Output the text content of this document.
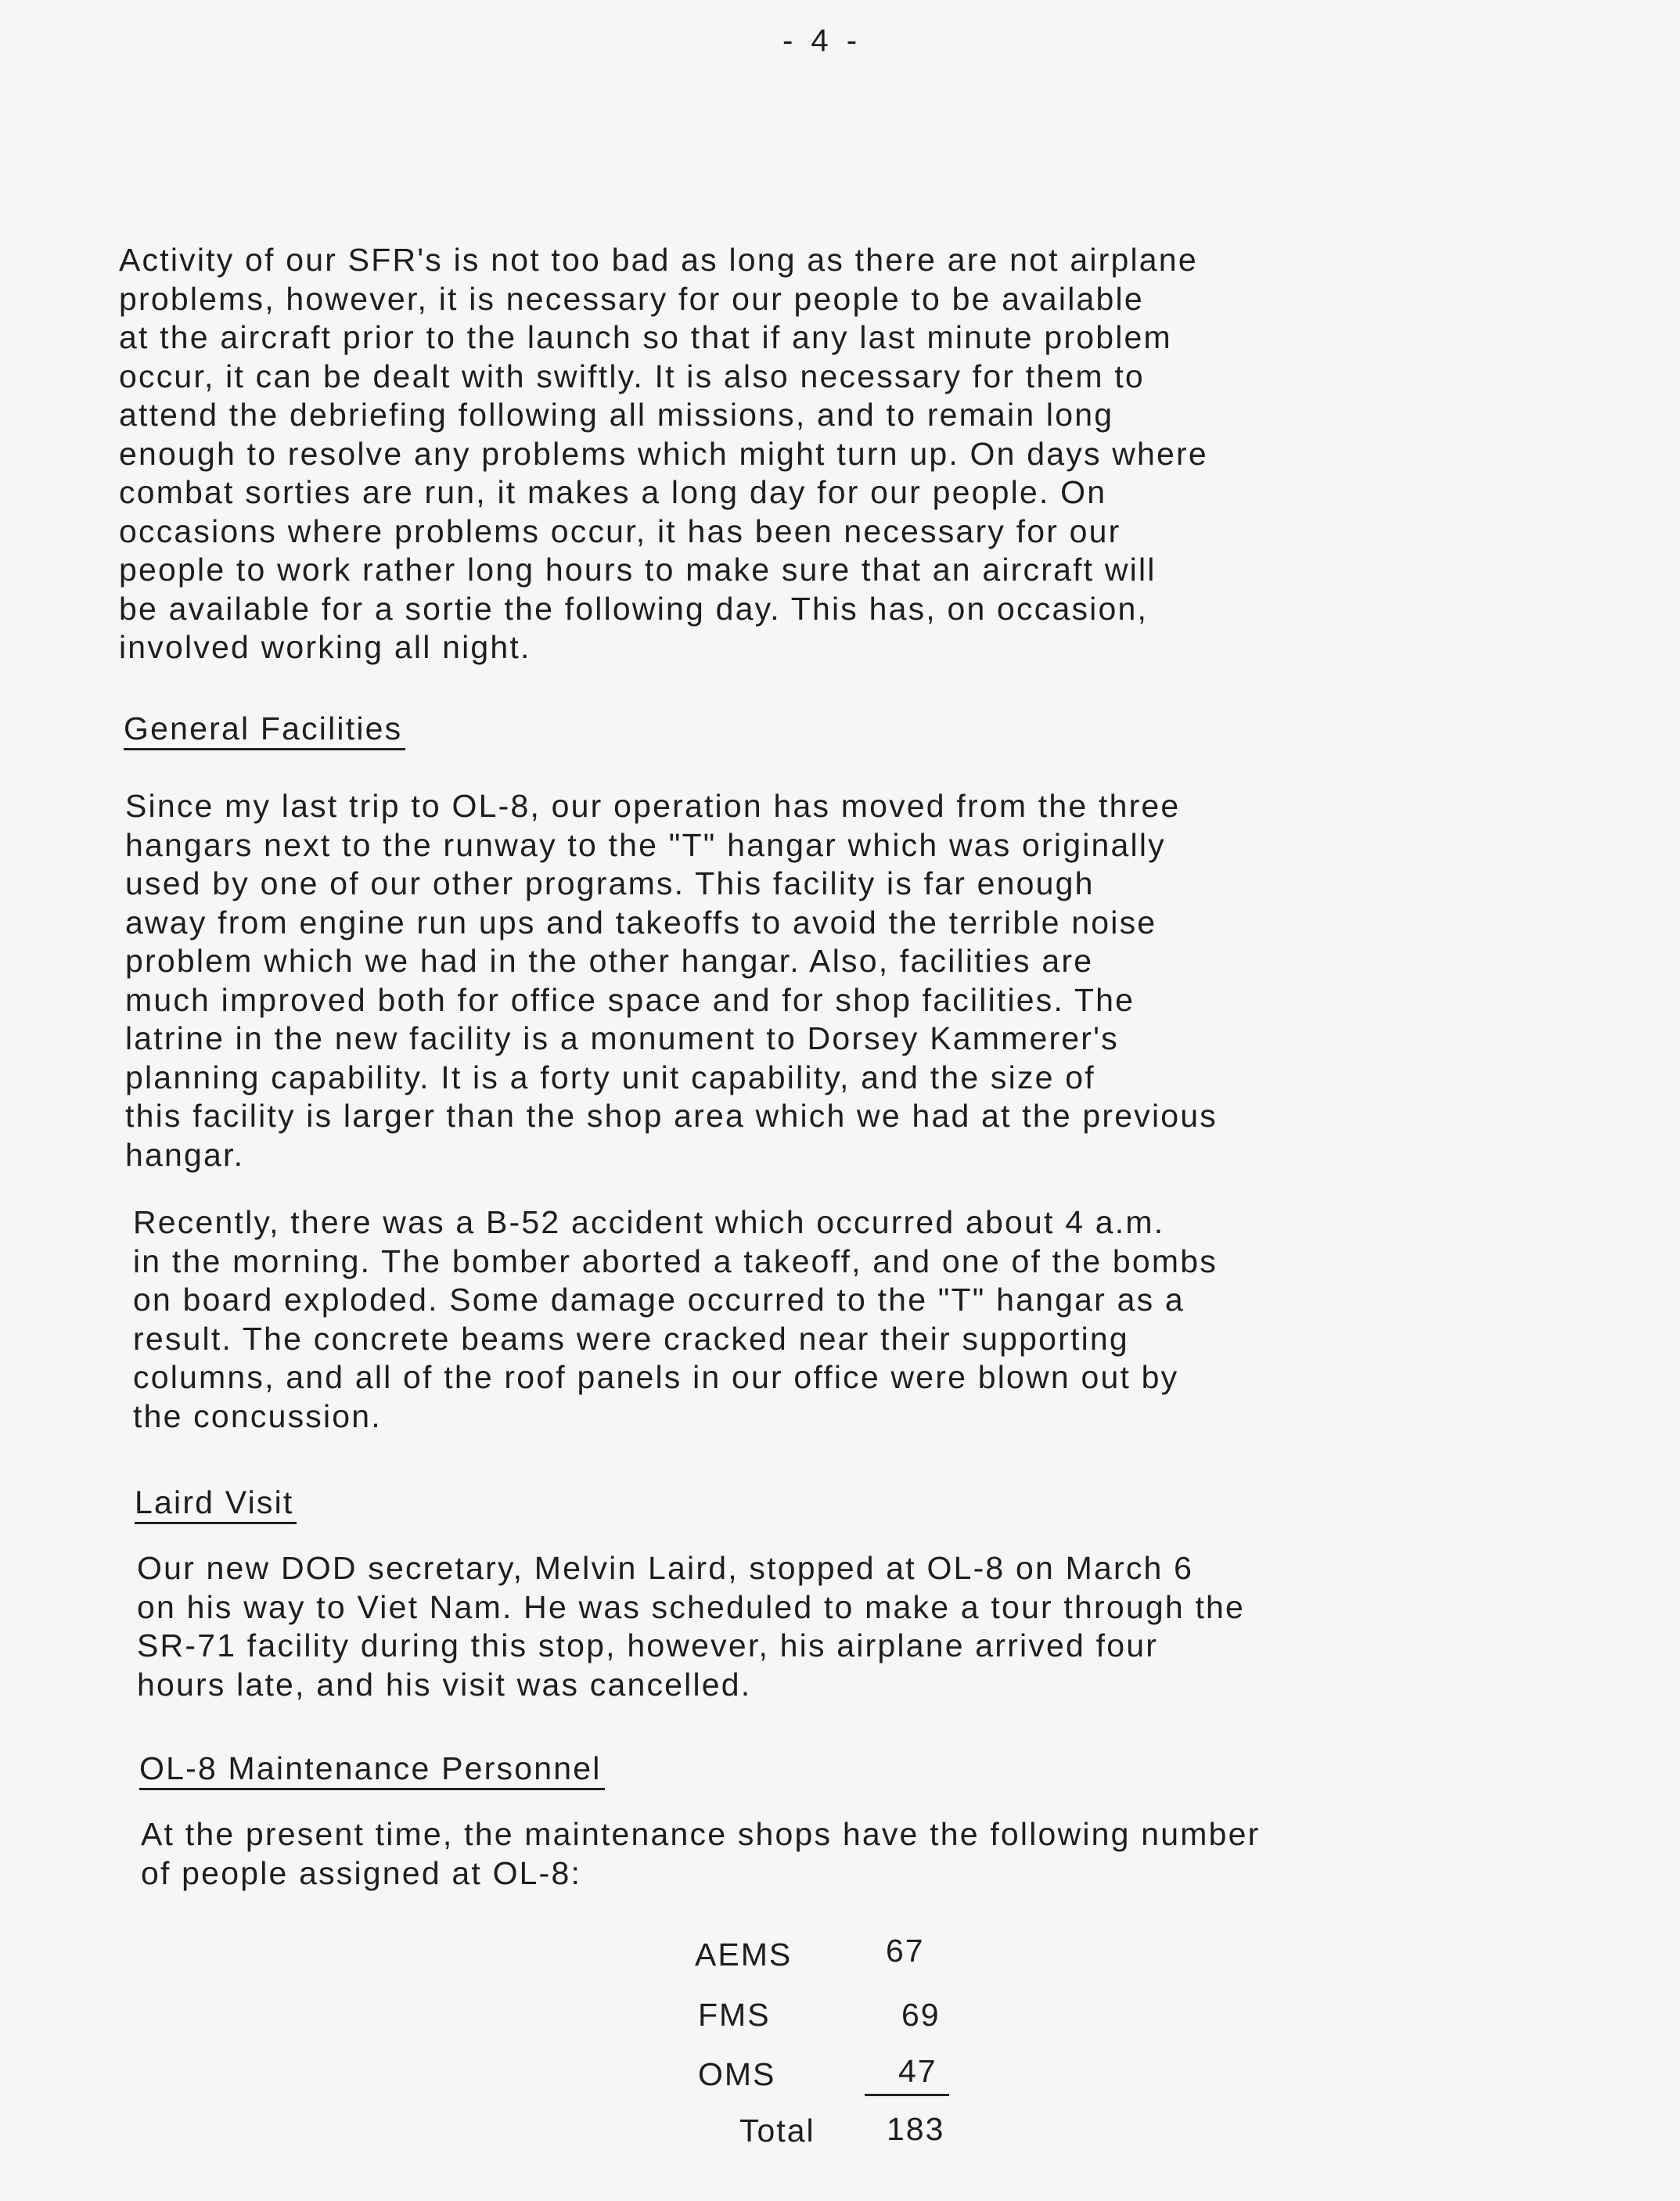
- 4 -
Activity of our SFR's is not too bad as long as there are not airplane
problems, however, it is necessary for our people to be available
at the aircraft prior to the launch so that if any last minute problem
occur, it can be dealt with swiftly. It is also necessary for them to
attend the debriefing following all missions, and to remain long
enough to resolve any problems which might turn up. On days where
combat sorties are run, it makes a long day for our people. On
occasions where problems occur, it has been necessary for our
people to work rather long hours to make sure that an aircraft will
be available for a sortie the following day. This has, on occasion,
involved working all night.
General Facilities
Since my last trip to OL-8, our operation has moved from the three
hangars next to the runway to the "T" hangar which was originally
used by one of our other programs. This facility is far enough
away from engine run ups and takeoffs to avoid the terrible noise
problem which we had in the other hangar. Also, facilities are
much improved both for office space and for shop facilities. The
latrine in the new facility is a monument to Dorsey Kammerer's
planning capability. It is a forty unit capability, and the size of
this facility is larger than the shop area which we had at the previous
hangar.
Recently, there was a B-52 accident which occurred about 4 a.m.
in the morning. The bomber aborted a takeoff, and one of the bombs
on board exploded. Some damage occurred to the "T" hangar as a
result. The concrete beams were cracked near their supporting
columns, and all of the roof panels in our office were blown out by
the concussion.
Laird Visit
Our new DOD secretary, Melvin Laird, stopped at OL-8 on March 6
on his way to Viet Nam. He was scheduled to make a tour through the
SR-71 facility during this stop, however, his airplane arrived four
hours late, and his visit was cancelled.
OL-8 Maintenance Personnel
At the present time, the maintenance shops have the following number
of people assigned at OL-8:
AEMS	67
FMS	69
OMS	47
Total 183
